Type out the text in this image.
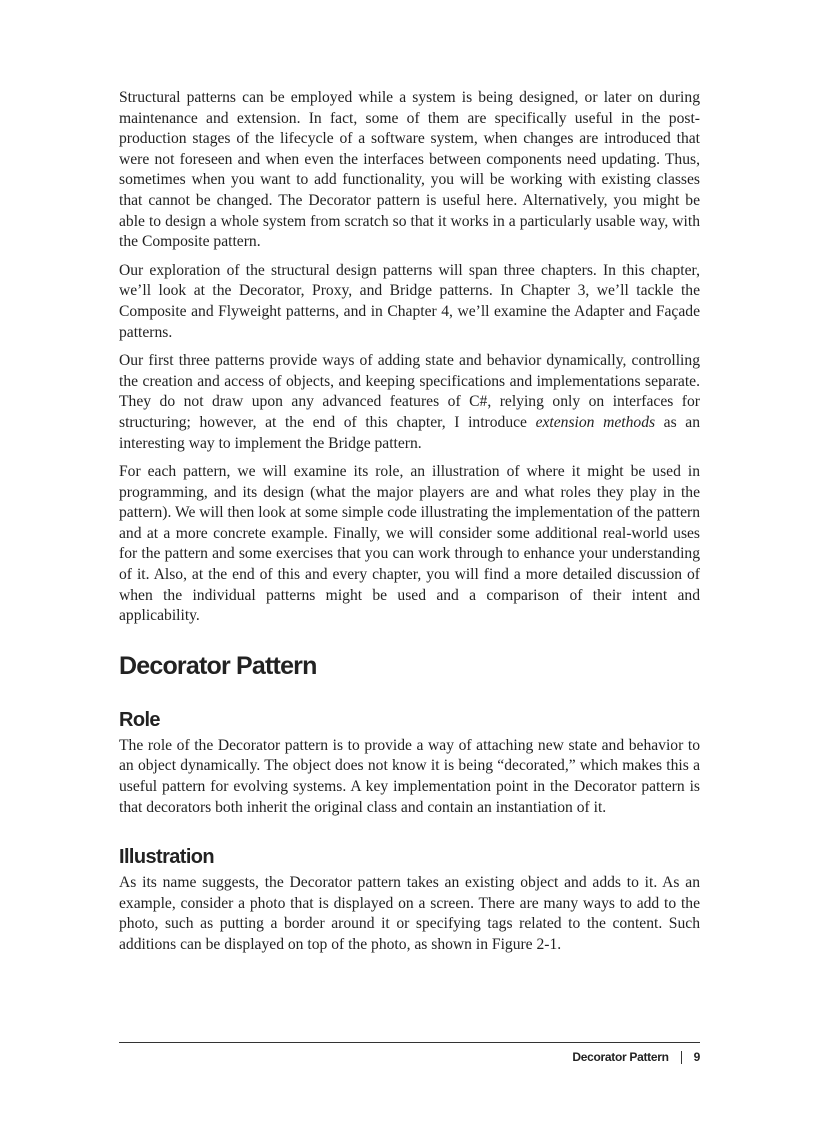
Structural patterns can be employed while a system is being designed, or later on during maintenance and extension. In fact, some of them are specifically useful in the post-production stages of the lifecycle of a software system, when changes are introduced that were not foreseen and when even the interfaces between components need updating. Thus, sometimes when you want to add functionality, you will be working with existing classes that cannot be changed. The Decorator pattern is useful here. Alternatively, you might be able to design a whole system from scratch so that it works in a particularly usable way, with the Composite pattern.

Our exploration of the structural design patterns will span three chapters. In this chapter, we’ll look at the Decorator, Proxy, and Bridge patterns. In Chapter 3, we’ll tackle the Composite and Flyweight patterns, and in Chapter 4, we’ll examine the Adapter and Façade patterns.

Our first three patterns provide ways of adding state and behavior dynamically, controlling the creation and access of objects, and keeping specifications and implementations separate. They do not draw upon any advanced features of C#, relying only on interfaces for structuring; however, at the end of this chapter, I introduce extension methods as an interesting way to implement the Bridge pattern.

For each pattern, we will examine its role, an illustration of where it might be used in programming, and its design (what the major players are and what roles they play in the pattern). We will then look at some simple code illustrating the implementation of the pattern and at a more concrete example. Finally, we will consider some additional real-world uses for the pattern and some exercises that you can work through to enhance your understanding of it. Also, at the end of this and every chapter, you will find a more detailed discussion of when the individual patterns might be used and a comparison of their intent and applicability.

Decorator Pattern
Role

The role of the Decorator pattern is to provide a way of attaching new state and behavior to an object dynamically. The object does not know it is being “decorated,” which makes this a useful pattern for evolving systems. A key implementation point in the Decorator pattern is that decorators both inherit the original class and contain an instantiation of it.

Illustration

As its name suggests, the Decorator pattern takes an existing object and adds to it. As an example, consider a photo that is displayed on a screen. There are many ways to add to the photo, such as putting a border around it or specifying tags related to the content. Such additions can be displayed on top of the photo, as shown in Figure 2-1.

Decorator Pattern 9
